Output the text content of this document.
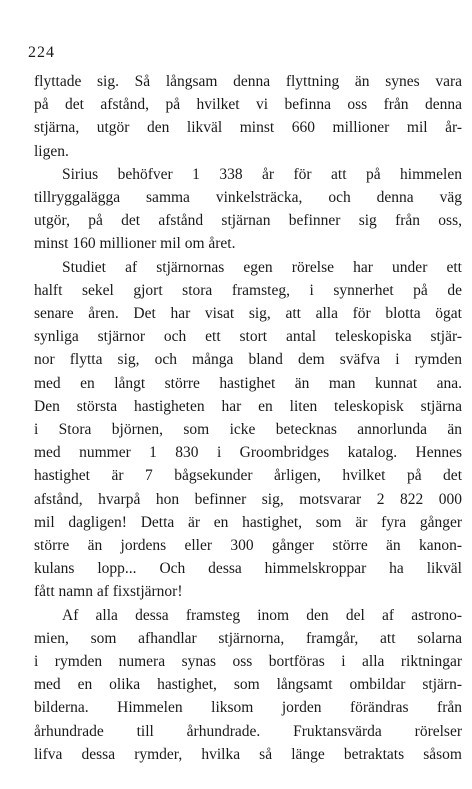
224
flyttade sig. Så långsam denna flyttning än synes vara
på det afstånd, på hvilket vi befinna oss från denna
stjärna, utgör den likväl minst 660 millioner mil år-
ligen.
Sirius behöfver 1 338 år för att på himmelen
tillryggalägga samma vinkelsträcka, och denna väg
utgör, på det afstånd stjärnan befinner sig från oss,
minst 160 millioner mil om året.
Studiet af stjärnornas egen rörelse har under ett
halft sekel gjort stora framsteg, i synnerhet på de
senare åren. Det har visat sig, att alla för blotta ögat
synliga stjärnor och ett stort antal teleskopiska stjär-
nor flytta sig, och många bland dem sväfva i rymden
med en långt större hastighet än man kunnat ana.
Den största hastigheten har en liten teleskopisk stjärna
i Stora björnen, som icke betecknas annorlunda än
med nummer 1 830 i Groombridges katalog. Hennes
hastighet är 7 bågsekunder årligen, hvilket på det
afstånd, hvarpå hon befinner sig, motsvarar 2 822 000
mil dagligen! Detta är en hastighet, som är fyra gånger
större än jordens eller 300 gånger större än kanon-
kulans lopp... Och dessa himmelskroppar ha likväl
fått namn af fixstjärnor!
Af alla dessa framsteg inom den del af astrono-
mien, som afhandlar stjärnorna, framgår, att solarna
i rymden numera synas oss bortföras i alla riktningar
med en olika hastighet, som långsamt ombildar stjärn-
bilderna. Himmelen liksom jorden förändras från
århundrade till århundrade. Fruktansvärda rörelser
lifva dessa rymder, hvilka så länge betraktats såsom
